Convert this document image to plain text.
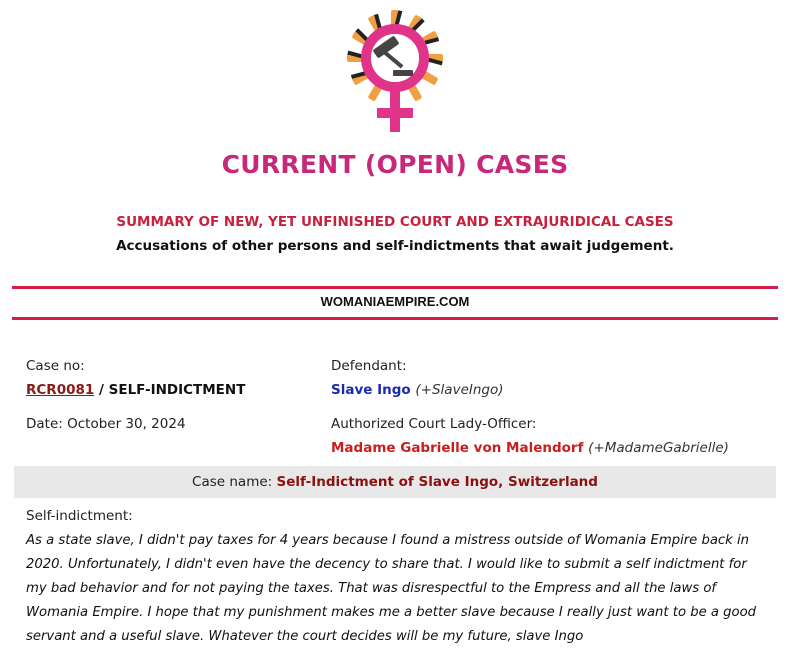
CURRENT (OPEN) CASES
SUMMARY OF NEW, YET UNFINISHED COURT AND EXTRAJURIDICAL CASES
Accusations of other persons and self-indictments that await judgement.
WOMANIAEMPIRE.COM
Case no:
RCR0081 / SELF-INDICTMENT
Date: October 30, 2024
Defendant:
Slave Ingo (+SlaveIngo)
Authorized Court Lady-Officer:
Madame Gabrielle von Malendorf (+MadameGabrielle)
Case name: Self-Indictment of Slave Ingo, Switzerland
Self-indictment:
As a state slave, I didn't pay taxes for 4 years because I found a mistress outside of Womania Empire back in 2020. Unfortunately, I didn't even have the decency to share that. I would like to submit a self indictment for my bad behavior and for not paying the taxes. That was disrespectful to the Empress and all the laws of Womania Empire. I hope that my punishment makes me a better slave because I really just want to be a good servant and a useful slave. Whatever the court decides will be my future, slave Ingo
